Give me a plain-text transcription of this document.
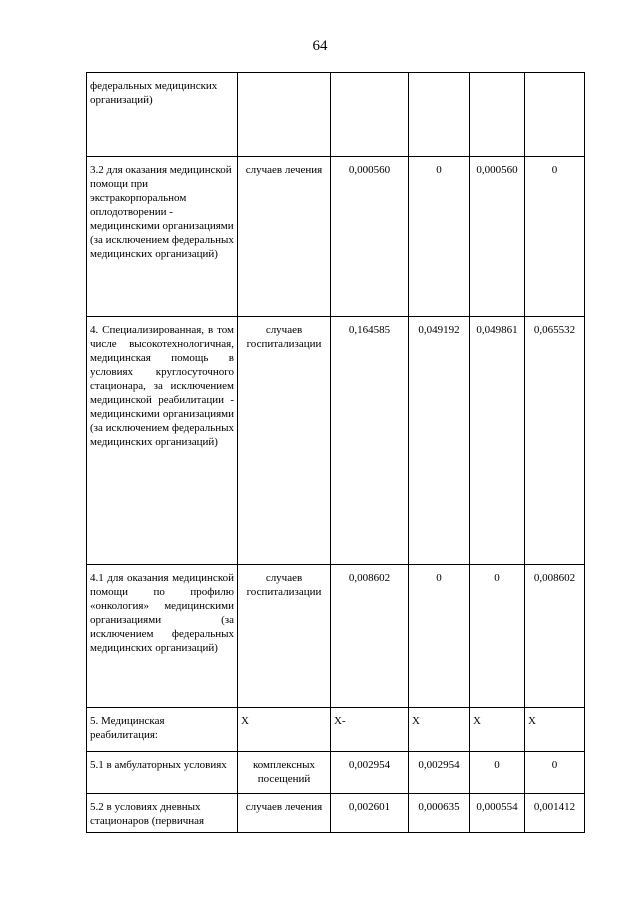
64
федеральных медицинских организаций)					
3.2 для оказания медицинской помощи при экстракорпоральном оплодотворении - медицинскими организациями (за исключением федеральных медицинских организаций)	случаев лечения	0,000560	0	0,000560	0
4. Специализированная, в том числе высокотехнологичная, медицинская помощь в условиях круглосуточного стационара, за исключением медицинской реабилитации - медицинскими организациями (за исключением федеральных медицинских организаций)	случаев госпитализации	0,164585	0,049192	0,049861	0,065532
4.1 для оказания медицинской помощи по профилю «онкология» медицинскими организациями (за исключением федеральных медицинских организаций)	случаев госпитализации	0,008602	0	0	0,008602
5. Медицинская реабилитация:	X	X-	X	X	X
5.1 в амбулаторных условиях	комплексных посещений	0,002954	0,002954	0	0
5.2 в условиях дневных стационаров (первичная	случаев лечения	0,002601	0,000635	0,000554	0,001412
